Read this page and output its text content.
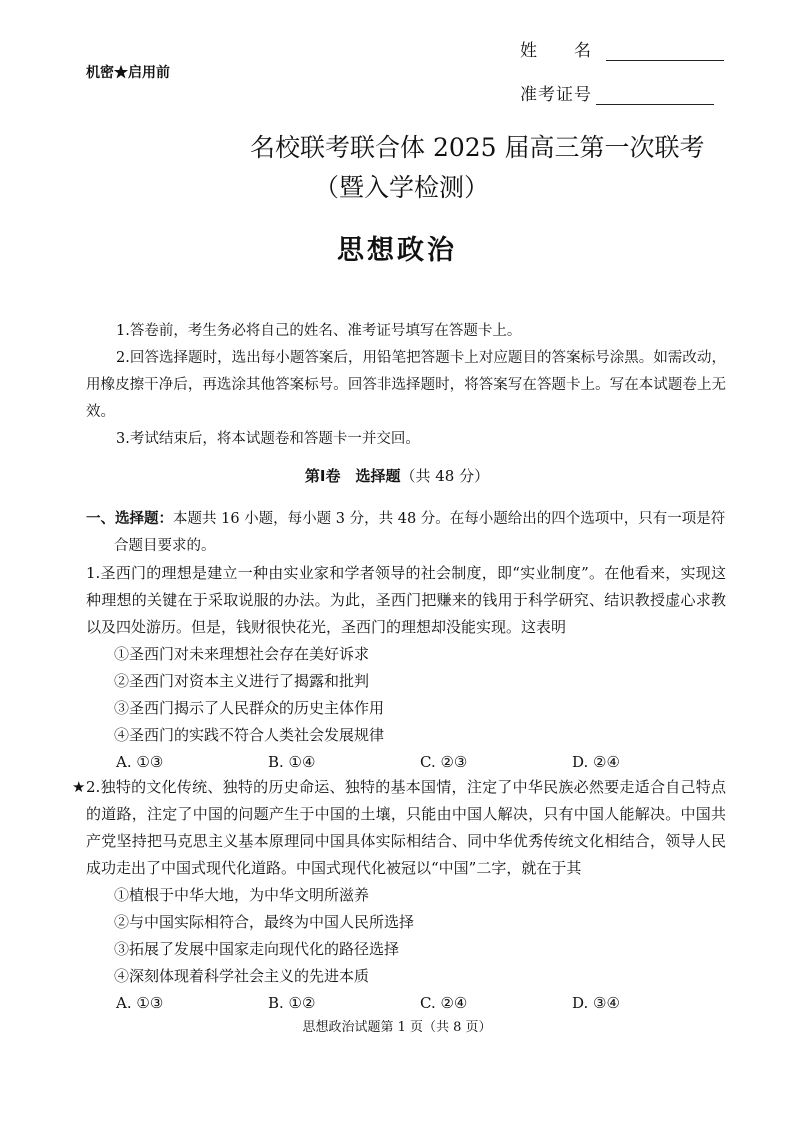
机密★启用前
姓　　名
准考证号
名校联考联合体 2025 届高三第一次联考
（暨入学检测）
思想政治

1.答卷前，考生务必将自己的姓名、准考证号填写在答题卡上。

2.回答选择题时，选出每小题答案后，用铅笔把答题卡上对应题目的答案标号涂黑。如需改动，用橡皮擦干净后，再选涂其他答案标号。回答非选择题时，将答案写在答题卡上。写在本试题卷上无效。

3.考试结束后，将本试题卷和答题卡一并交回。

第Ⅰ卷　选择题（共 48 分）
一、选择题：本题共 16 小题，每小题 3 分，共 48 分。在每小题给出的四个选项中，只有一项是符
合题目要求的。

1.圣西门的理想是建立一种由实业家和学者领导的社会制度，即“实业制度”。在他看来，实现这种理想的关键在于采取说服的办法。为此，圣西门把赚来的钱用于科学研究、结识教授虚心求教以及四处游历。但是，钱财很快花光，圣西门的理想却没能实现。这表明

①圣西门对未来理想社会存在美好诉求
②圣西门对资本主义进行了揭露和批判
③圣西门揭示了人民群众的历史主体作用
④圣西门的实践不符合人类社会发展规律
A. ①③	B. ①④	C. ②③	D. ②④
★ 2.独特的文化传统、独特的历史命运、独特的基本国情，注定了中华民族必然要走适合自己特点的道路，注定了中国的问题产生于中国的土壤，只能由中国人解决，只有中国人能解决。中国共产党坚持把马克思主义基本原理同中国具体实际相结合、同中华优秀传统文化相结合，领导人民成功走出了中国式现代化道路。中国式现代化被冠以“中国”二字，就在于其

①植根于中华大地，为中华文明所滋养
②与中国实际相符合，最终为中国人民所选择
③拓展了发展中国家走向现代化的路径选择
④深刻体现着科学社会主义的先进本质
A. ①③	B. ①②	C. ②④	D. ③④
思想政治试题第 1 页（共 8 页）
